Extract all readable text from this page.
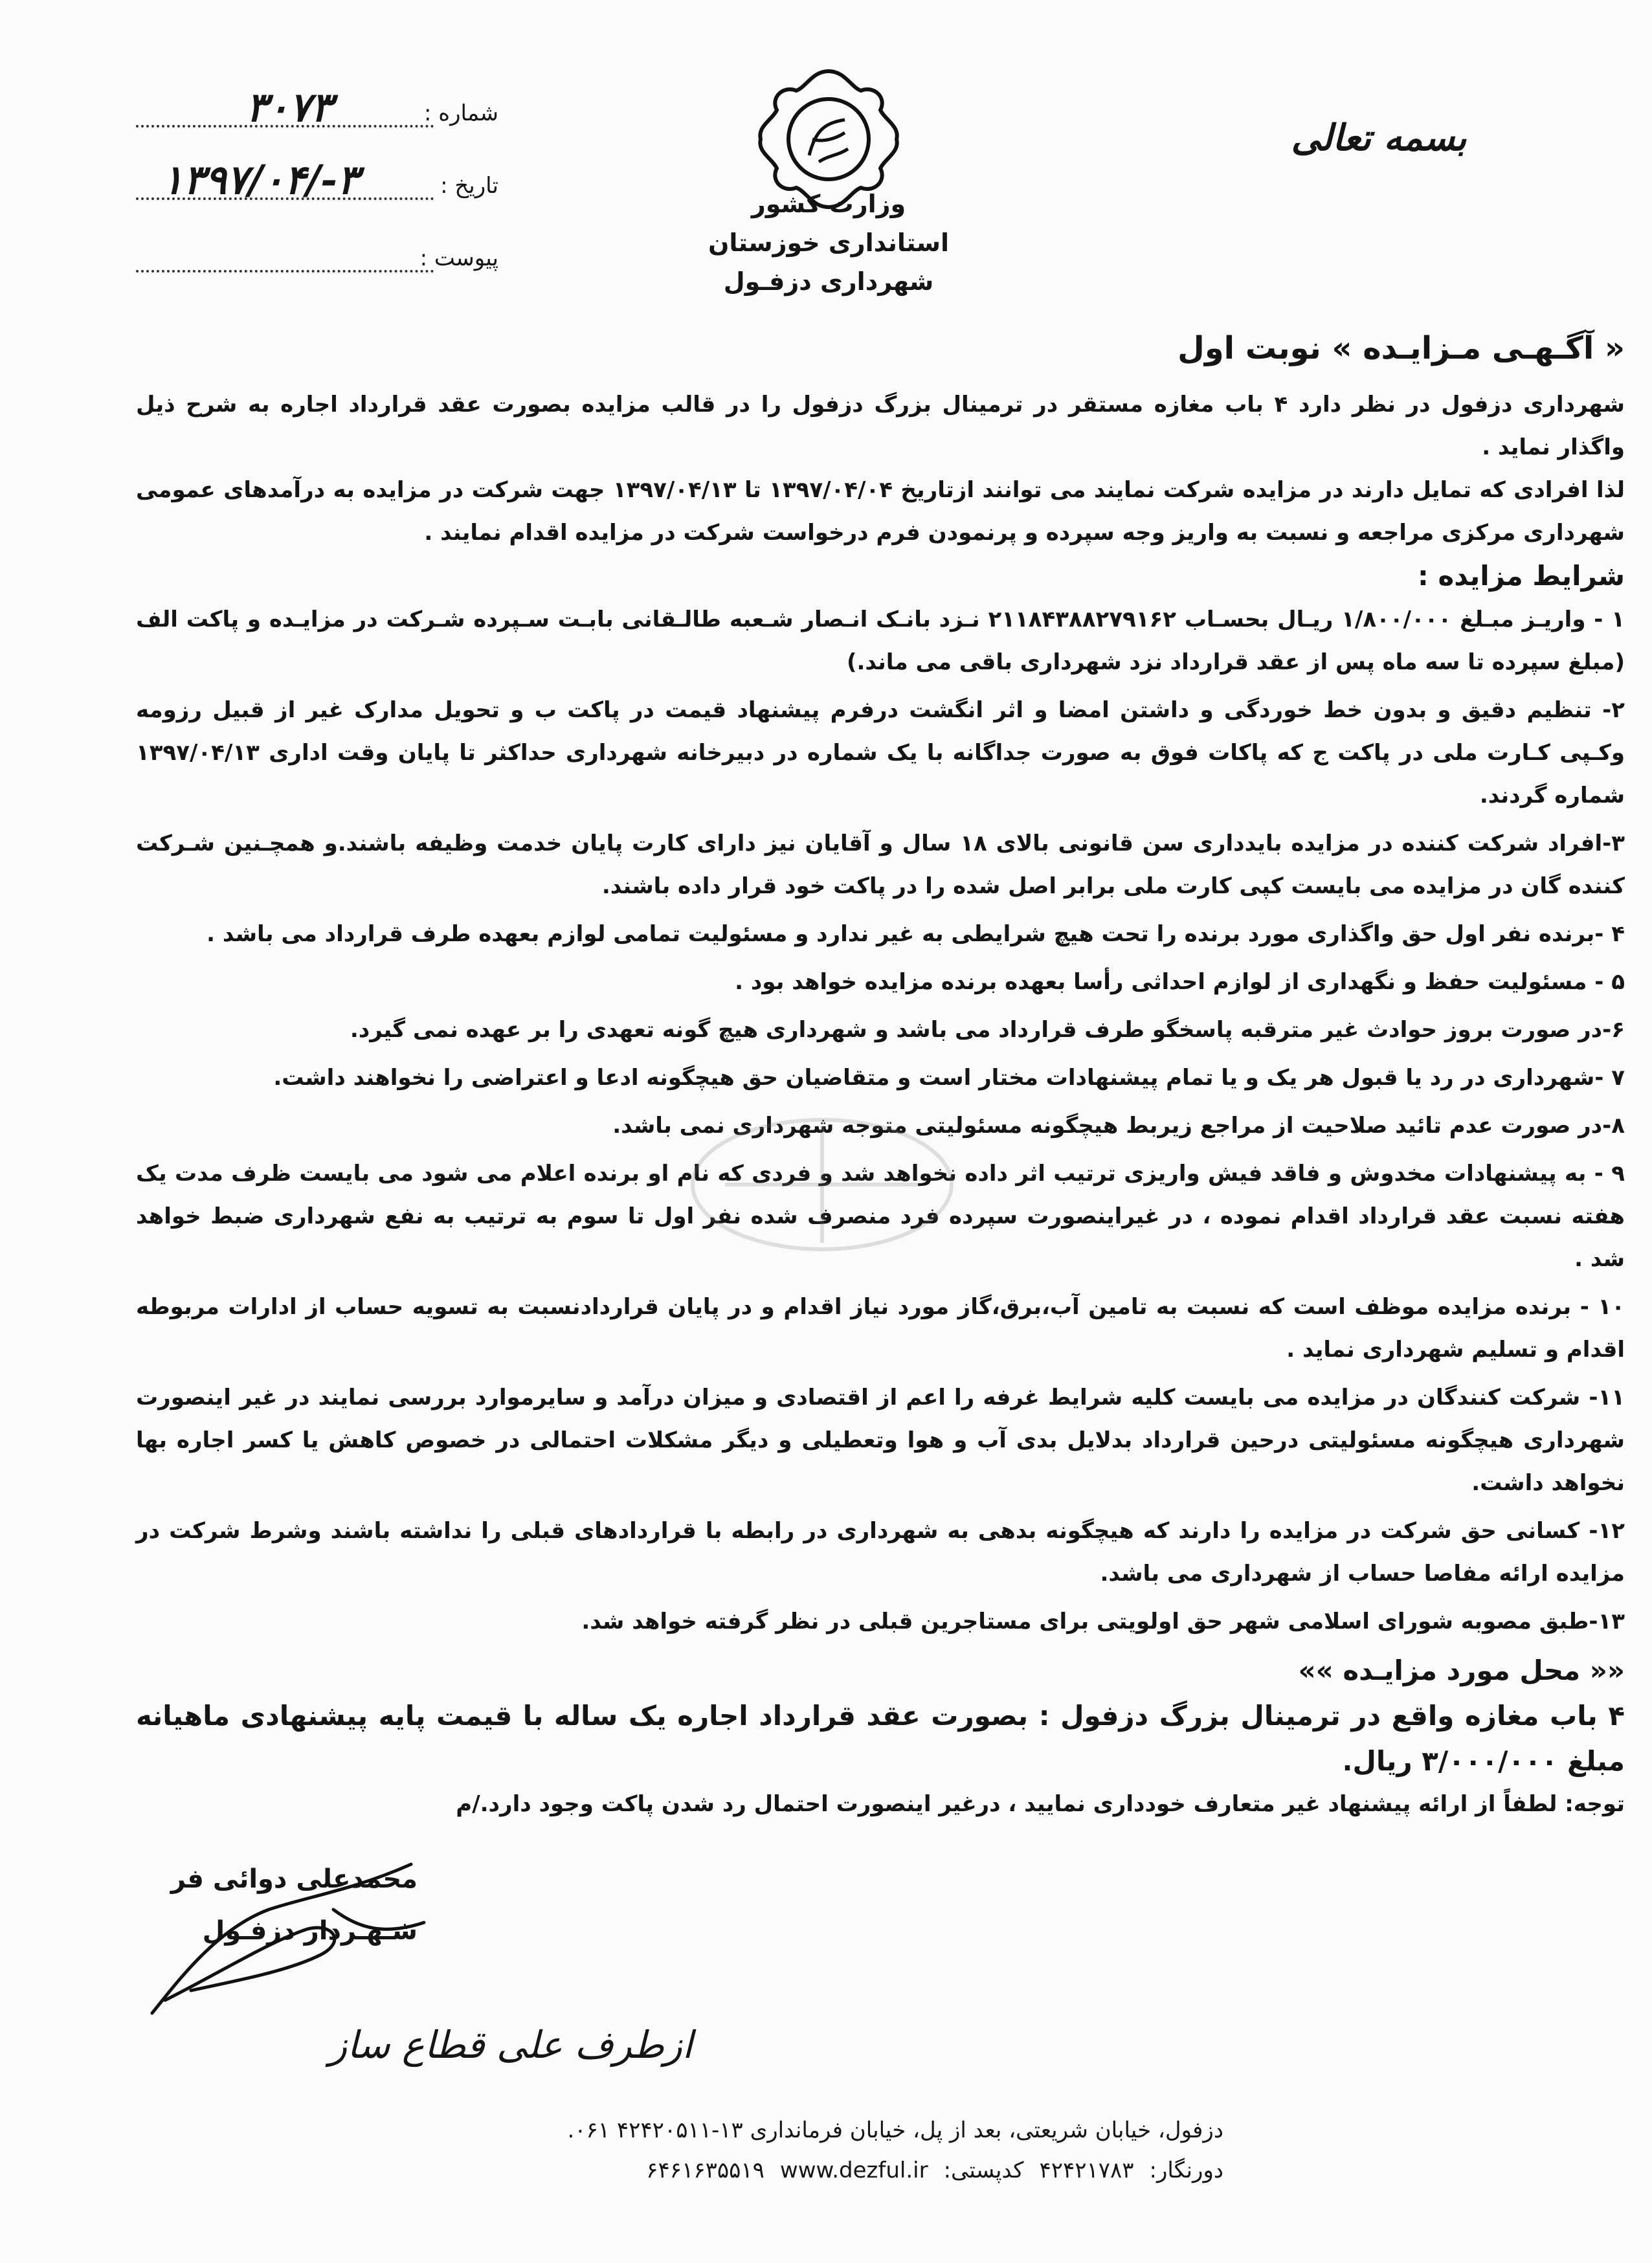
شماره :
۳۰۷۳
تاریخ :
۱۳۹۷/۰۴/-۳
پیوست :
وزارت کشور
استانداری خوزستان
شهرداری دزفـول
بسمه تعالی
« آگـهـی مـزایـده » نوبت اول

شهرداری دزفول در نظر دارد ۴ باب مغازه مستقر در ترمینال بزرگ دزفول را در قالب مزایده بصورت عقد قرارداد اجاره به شرح ذیل واگذار نماید .

لذا افرادی که تمایل دارند در مزایده شرکت نمایند می توانند ازتاریخ ۱۳۹۷/۰۴/۰۴ تا ۱۳۹۷/۰۴/۱۳ جهت شرکت در مزایده به درآمدهای عمومی شهرداری مرکزی مراجعه و نسبت به واریز وجه سپرده و پرنمودن فرم درخواست شرکت در مزایده اقدام نمایند .

شرایط مزایده :

۱ - واریـز مبـلغ ۱/۸۰۰/۰۰۰ ریـال بحسـاب ۲۱۱۸۴۳۸۸۲۷۹۱۶۲ نـزد بانـک انـصار شـعبه طالـقانی بابـت سـپرده شـرکت در مزایـده و پاکت الف (مبلغ سپرده تا سه ماه پس از عقد قرارداد نزد شهرداری باقی می ماند.)

۲- تنظیم دقیق و بدون خط خوردگی و داشتن امضا و اثر انگشت درفرم پیشنهاد قیمت در پاکت ب و تحویل مدارک غیر از قبیل رزومه وکـپی کـارت ملی در پاکت ج که پاکات فوق به صورت جداگانه با یک شماره در دبیرخانه شهرداری حداکثر تا پایان وقت اداری ۱۳۹۷/۰۴/۱۳ شماره گردند.

۳-افراد شرکت کننده در مزایده بایدداری سن قانونی بالای ۱۸ سال و آقایان نیز دارای کارت پایان خدمت وظیفه باشند.و همچـنین شـرکت کننده گان در مزایده می بایست کپی کارت ملی برابر اصل شده را در پاکت خود قرار داده باشند.

۴ -برنده نفر اول حق واگذاری مورد برنده را تحت هیچ شرایطی به غیر ندارد و مسئولیت تمامی لوازم بعهده طرف قرارداد می باشد .

۵ - مسئولیت حفظ و نگهداری از لوازم احداثی رأسا بعهده برنده مزایده خواهد بود .

۶-در صورت بروز حوادث غیر مترقبه پاسخگو طرف قرارداد می باشد و شهرداری هیچ گونه تعهدی را بر عهده نمی گیرد.

۷ -شهرداری در رد یا قبول هر یک و یا تمام پیشنهادات مختار است و متقاضیان حق هیچگونه ادعا و اعتراضی را نخواهند داشت.

۸-در صورت عدم تائید صلاحیت از مراجع زیربط هیچگونه مسئولیتی متوجه شهرداری نمی باشد.

۹ - به پیشنهادات مخدوش و فاقد فیش واریزی ترتیب اثر داده نخواهد شد و فردی که نام او برنده اعلام می شود می بایست ظرف مدت یک هفته نسبت عقد قرارداد اقدام نموده ، در غیراینصورت سپرده فرد منصرف شده نفر اول تا سوم به ترتیب به نفع شهرداری ضبط خواهد شد .

۱۰ - برنده مزایده موظف است که نسبت به تامین آب،برق،گاز مورد نیاز اقدام و در پایان قراردادنسبت به تسویه حساب از ادارات مربوطه اقدام و تسلیم شهرداری نماید .

۱۱- شرکت کنندگان در مزایده می بایست کلیه شرایط غرفه را اعم از اقتصادی و میزان درآمد و سایرموارد بررسی نمایند در غیر اینصورت شهرداری هیچگونه مسئولیتی درحین قرارداد بدلایل بدی آب و هوا وتعطیلی و دیگر مشکلات احتمالی در خصوص کاهش یا کسر اجاره بها نخواهد داشت.

۱۲- کسانی حق شرکت در مزایده را دارند که هیچگونه بدهی به شهرداری در رابطه با قراردادهای قبلی را نداشته باشند وشرط شرکت در مزایده ارائه مفاصا حساب از شهرداری می باشد.

۱۳-طبق مصوبه شورای اسلامی شهر حق اولویتی برای مستاجرین قبلی در نظر گرفته خواهد شد.

«« محل مورد مزایـده »»

۴ باب مغازه واقع در ترمینال بزرگ دزفول : بصورت عقد قرارداد اجاره یک ساله با قیمت پایه پیشنهادی ماهیانه مبلغ ۳/۰۰۰/۰۰۰ ریال.

توجه: لطفاً از ارائه پیشنهاد غیر متعارف خودداری نمایید ، درغیر اینصورت احتمال رد شدن پاکت وجود دارد./م
محمدعلی دوائی فر
شـهـردار دزفـول
ازطرف علی قطاع ساز
دزفول، خیابان شریعتی، بعد از پل، خیابان فرمانداری ۱۳-۴۲۴۲۰۵۱۱ ۰۶۱.
دورنگار:۴۲۴۲۱۷۸۳کدپستی:۶۴۶۱۶۳۵۵۱۹ www.dezful.ir
